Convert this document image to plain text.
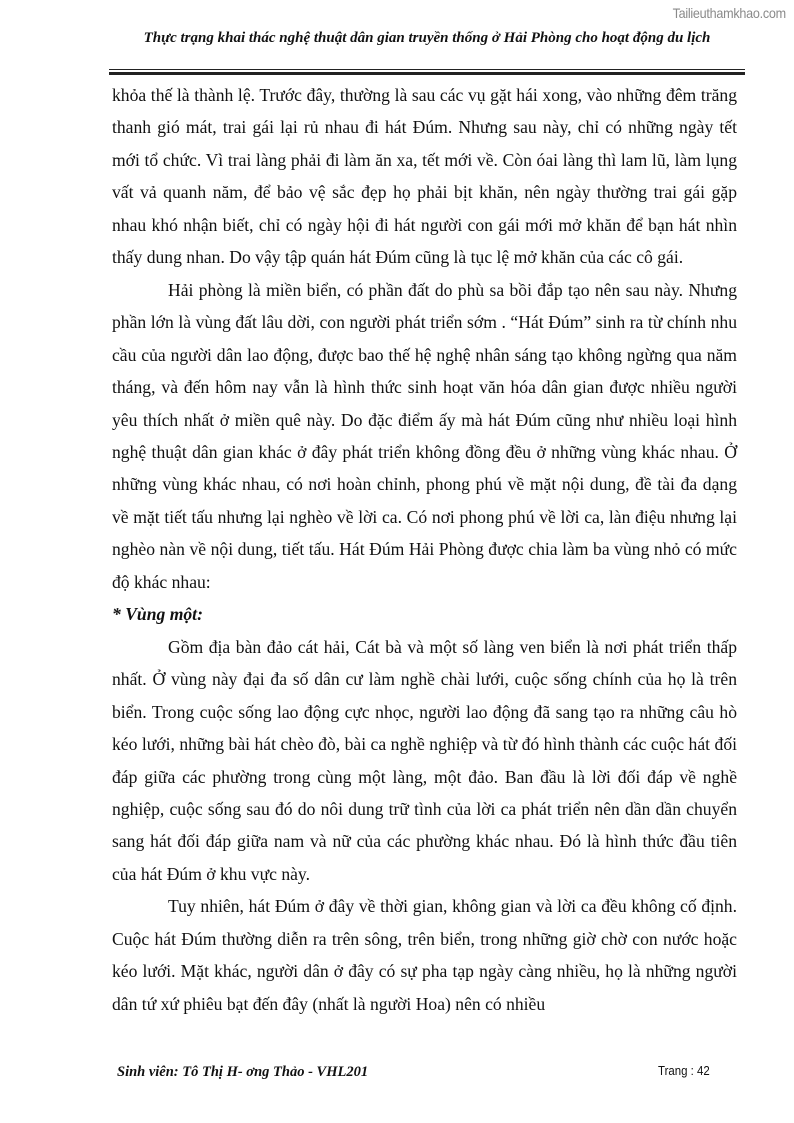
Tailieuthamkhao.com
Thực trạng khai thác nghệ thuật dân gian truyền thống ở Hải Phòng cho hoạt động du lịch

khỏa thế là thành lệ. Trước đây, thường là sau các vụ gặt hái xong, vào những đêm trăng thanh gió mát, trai gái lại rủ nhau đi hát Đúm. Nhưng sau này, chỉ có những ngày tết mới tổ chức. Vì trai làng phải đi làm ăn xa, tết mới về. Còn óai làng thì lam lũ, làm lụng vất vả quanh năm, để bảo vệ sắc đẹp họ phải bịt khăn, nên ngày thường trai gái gặp nhau khó nhận biết, chỉ có ngày hội đi hát người con gái mới mở khăn để bạn hát nhìn thấy dung nhan. Do vậy tập quán hát Đúm cũng là tục lệ mở khăn của các cô gái.

Hải phòng là miền biển, có phần đất do phù sa bồi đắp tạo nên sau này. Nhưng phần lớn là vùng đất lâu dời, con người phát triển sớm . “Hát Đúm” sinh ra từ chính nhu cầu của người dân lao động, được bao thế hệ nghệ nhân sáng tạo không ngừng qua năm tháng, và đến hôm nay vẫn là hình thức sinh hoạt văn hóa dân gian được nhiều người yêu thích nhất ở miền quê này. Do đặc điểm ấy mà hát Đúm cũng như nhiều loại hình nghệ thuật dân gian khác ở đây phát triển không đồng đều ở những vùng khác nhau. Ở những vùng khác nhau, có nơi hoàn chỉnh, phong phú về mặt nội dung, đề tài đa dạng về mặt tiết tấu nhưng lại nghèo về lời ca. Có nơi phong phú về lời ca, làn điệu nhưng lại nghèo nàn về nội dung, tiết tấu. Hát Đúm Hải Phòng được chia làm ba vùng nhỏ có mức độ khác nhau:

* Vùng một:

Gồm địa bàn đảo cát hải, Cát bà và một số làng ven biển là nơi phát triển thấp nhất. Ở vùng này đại đa số dân cư làm nghề chài lưới, cuộc sống chính của họ là trên biển. Trong cuộc sống lao động cực nhọc, người lao động đã sang tạo ra những câu hò kéo lưới, những bài hát chèo đò, bài ca nghề nghiệp và từ đó hình thành các cuộc hát đối đáp giữa các phường trong cùng một làng, một đảo. Ban đầu là lời đối đáp về nghề nghiệp, cuộc sống sau đó do nôi dung trữ tình của lời ca phát triển nên dần dần chuyển sang hát đối đáp giữa nam và nữ của các phường khác nhau. Đó là hình thức đầu tiên của hát Đúm ở khu vực này.

Tuy nhiên, hát Đúm ở đây về thời gian, không gian và lời ca đều không cố định. Cuộc hát Đúm thường diễn ra trên sông, trên biển, trong những giờ chờ con nước hoặc kéo lưới. Mặt khác, người dân ở đây có sự pha tạp ngày càng nhiều, họ là những người dân tứ xứ phiêu bạt đến đây (nhất là người Hoa) nên có nhiều

Sinh viên: Tô Thị H- ơng Thảo - VHL201	Trang : 42
